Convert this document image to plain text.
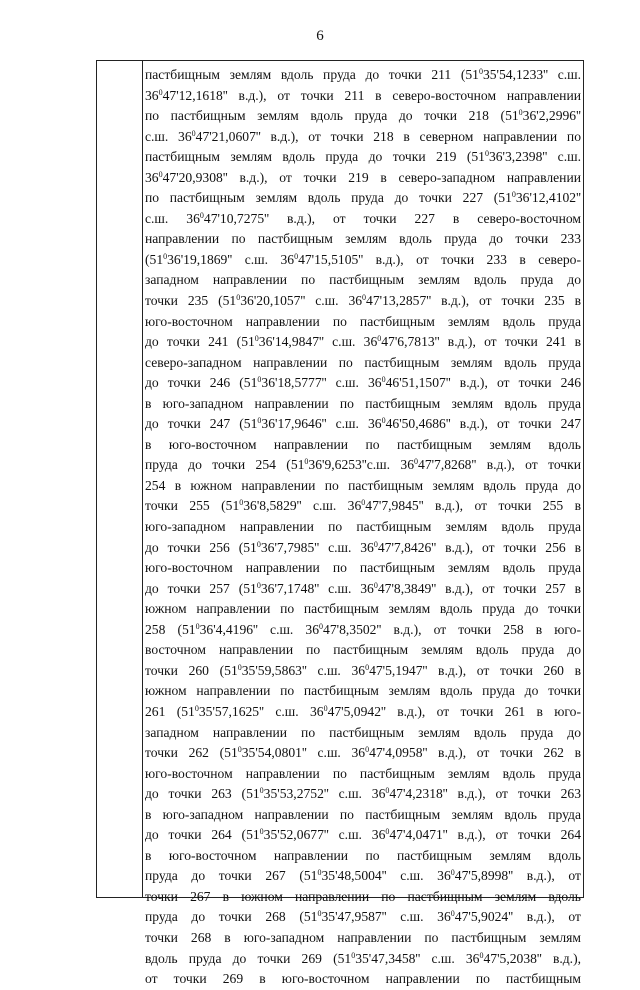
6
пастбищным землям вдоль пруда до точки 211 ($51^035'54,1233''$ с.ш.
$36^047'12,1618''$ в.д.), от точки 211 в северо-восточном направлении
по пастбищным землям вдоль пруда до точки 218 ($51^036'2,2996''$
с.ш. $36^047'21,0607''$ в.д.), от точки 218 в северном направлении по
пастбищным землям вдоль пруда до точки 219 ($51^036'3,2398''$ с.ш.
$36^047'20,9308''$ в.д.), от точки 219 в северо-западном направлении
по пастбищным землям вдоль пруда до точки 227 ($51^036'12,4102''$
с.ш. $36^047'10,7275''$ в.д.), от точки 227 в северо-восточном
направлении по пастбищным землям вдоль пруда до точки 233
($51^036'19,1869''$ с.ш. $36^047'15,5105''$ в.д.), от точки 233 в северо-
западном направлении по пастбищным землям вдоль пруда до
точки 235 ($51^036'20,1057''$ с.ш. $36^047'13,2857''$ в.д.), от точки 235 в
юго-восточном направлении по пастбищным землям вдоль пруда
до точки 241 ($51^036'14,9847''$ с.ш. $36^047'6,7813''$ в.д.), от точки 241 в
северо-западном направлении по пастбищным землям вдоль пруда
до точки 246 ($51^036'18,5777''$ с.ш. $36^046'51,1507''$ в.д.), от точки 246
в юго-западном направлении по пастбищным землям вдоль пруда
до точки 247 ($51^036'17,9646''$ с.ш. $36^046'50,4686''$ в.д.), от точки 247
в юго-восточном направлении по пастбищным землям вдоль
пруда до точки 254 ($51^036'9,6253''с.ш$. $36^047'7,8268''$ в.д.), от точки
254 в южном направлении по пастбищным землям вдоль пруда до
точки 255 ($51^036'8,5829''$ с.ш. $36^047'7,9845''$ в.д.), от точки 255 в
юго-западном направлении по пастбищным землям вдоль пруда
до точки 256 ($51^036'7,7985''$ с.ш. $36^047'7,8426''$ в.д.), от точки 256 в
юго-восточном направлении по пастбищным землям вдоль пруда
до точки 257 ($51^036'7,1748''$ с.ш. $36^047'8,3849''$ в.д.), от точки 257 в
южном направлении по пастбищным землям вдоль пруда до точки
258 ($51^036'4,4196''$ с.ш. $36^047'8,3502''$ в.д.), от точки 258 в юго-
восточном направлении по пастбищным землям вдоль пруда до
точки 260 ($51^035'59,5863''$ с.ш. $36^047'5,1947''$ в.д.), от точки 260 в
южном направлении по пастбищным землям вдоль пруда до точки
261 ($51^035'57,1625''$ с.ш. $36^047'5,0942''$ в.д.), от точки 261 в юго-
западном направлении по пастбищным землям вдоль пруда до
точки 262 ($51^035'54,0801''$ с.ш. $36^047'4,0958''$ в.д.), от точки 262 в
юго-восточном направлении по пастбищным землям вдоль пруда
до точки 263 ($51^035'53,2752''$ с.ш. $36^047'4,2318''$ в.д.), от точки 263
в юго-западном направлении по пастбищным землям вдоль пруда
до точки 264 ($51^035'52,0677''$ с.ш. $36^047'4,0471''$ в.д.), от точки 264
в юго-восточном направлении по пастбищным землям вдоль
пруда до точки 267 ($51^035'48,5004''$ с.ш. $36^047'5,8998''$ в.д.), от
точки 267 в южном направлении по пастбищным землям вдоль
пруда до точки 268 ($51^035'47,9587''$ с.ш. $36^047'5,9024''$ в.д.), от
точки 268 в юго-западном направлении по пастбищным землям
вдоль пруда до точки 269 ($51^035'47,3458''$ с.ш. $36^047'5,2038''$ в.д.),
от точки 269 в юго-восточном направлении по пастбищным
